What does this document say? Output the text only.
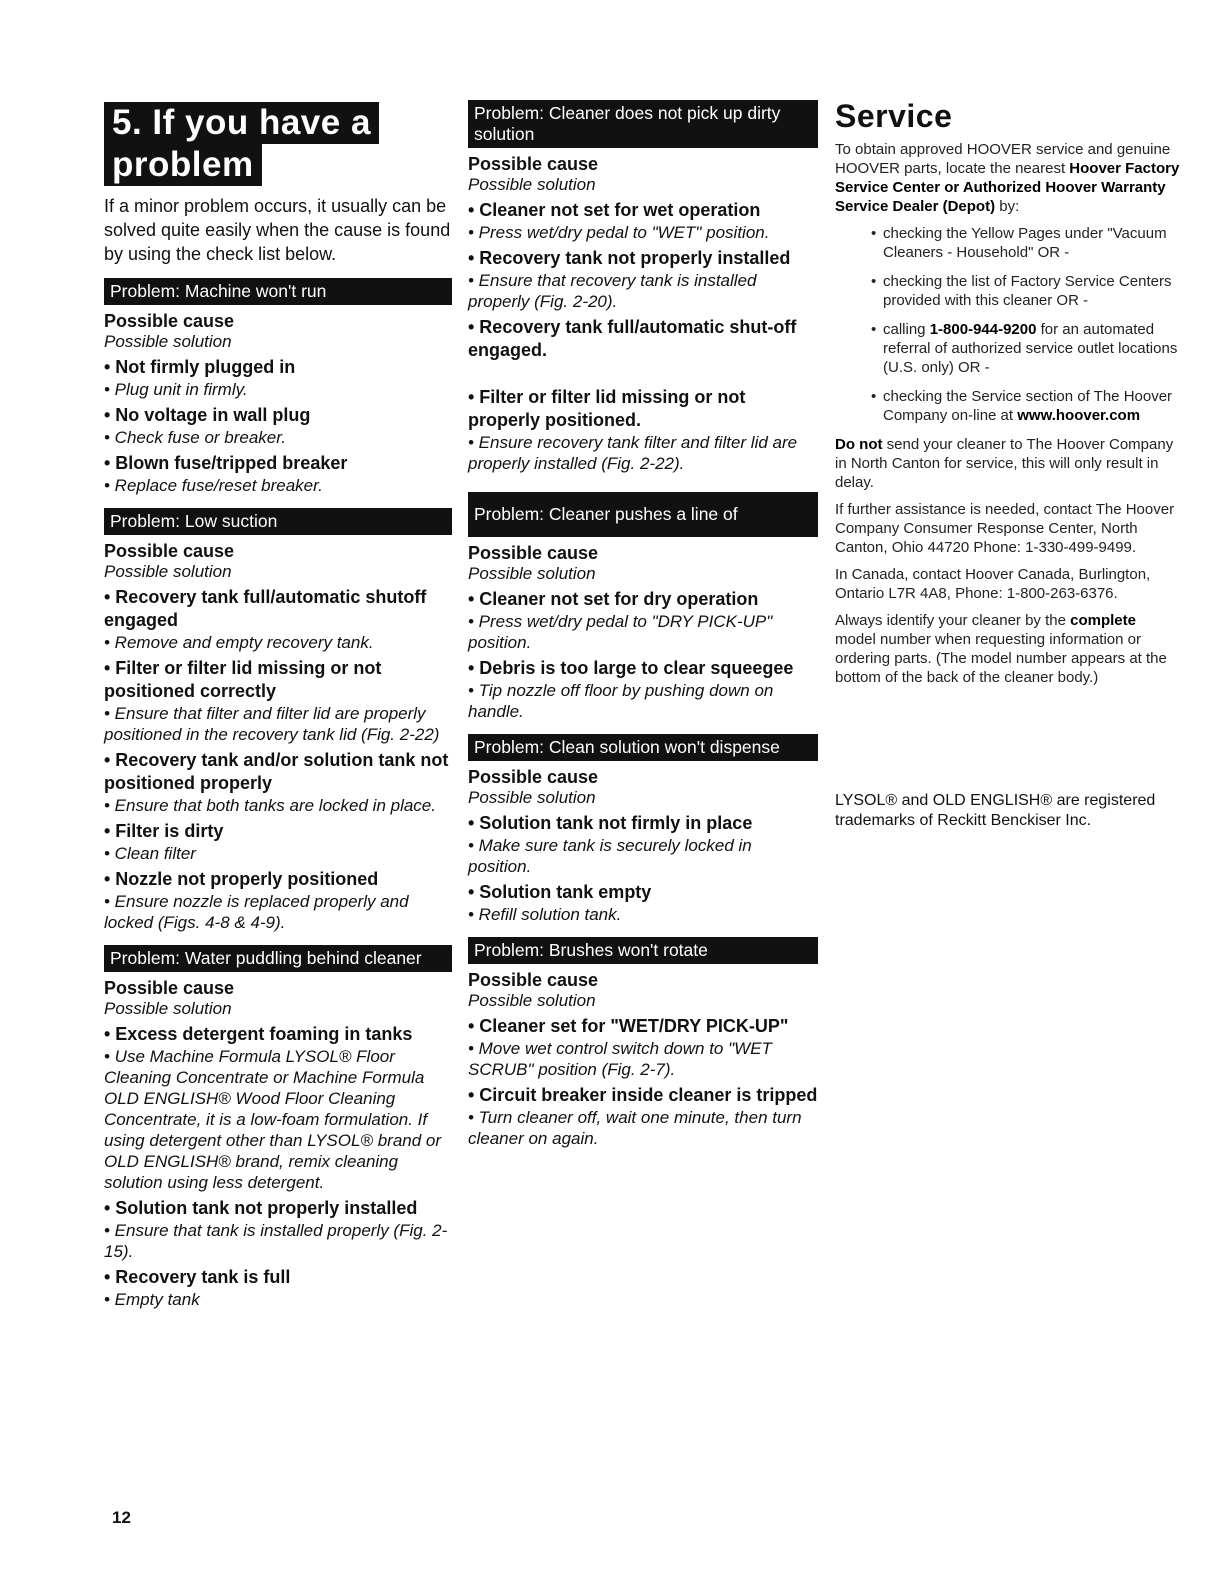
5. If you have a
problem

If a minor problem occurs, it usually can be solved quite easily when the cause is found by using the check list below.

Problem: Machine won't run

Possible cause

Possible solution

• Not firmly plugged in

• Plug unit in firmly.

• No voltage in wall plug

• Check fuse or breaker.

• Blown fuse/tripped breaker

• Replace fuse/reset breaker.

Problem: Low suction

Possible cause

Possible solution

• Recovery tank full/automatic shutoff engaged

• Remove and empty recovery tank.

• Filter or filter lid missing or not positioned correctly

• Ensure that filter and filter lid are properly positioned in the recovery tank lid (Fig. 2-22)

• Recovery tank and/or solution tank not positioned properly

• Ensure that both tanks are locked in place.

• Filter is dirty

• Clean filter

• Nozzle not properly positioned

• Ensure nozzle is replaced properly and locked (Figs. 4-8 & 4-9).

Problem: Water puddling behind cleaner

Possible cause

Possible solution

• Excess detergent foaming in tanks

• Use Machine Formula LYSOL® Floor Cleaning Concentrate or Machine Formula OLD ENGLISH® Wood Floor Cleaning Concentrate, it is a low-foam formulation. If using detergent other than LYSOL® brand or OLD ENGLISH® brand, remix cleaning solution using less detergent.

• Solution tank not properly installed

• Ensure that tank is installed properly (Fig. 2-15).

• Recovery tank is full

• Empty tank

Problem: Cleaner does not pick up dirty solution

Possible cause

Possible solution

• Cleaner not set for wet operation

• Press wet/dry pedal to "WET" position.

• Recovery tank not properly installed

• Ensure that recovery tank is installed properly (Fig. 2-20).

• Recovery tank full/automatic shut-off engaged.

• Filter or filter lid missing or not properly positioned.

• Ensure recovery tank filter and filter lid are properly installed (Fig. 2-22).

Problem: Cleaner pushes a line of

Possible cause

Possible solution

• Cleaner not set for dry operation

• Press wet/dry pedal to "DRY PICK-UP" position.

• Debris is too large to clear squeegee

• Tip nozzle off floor by pushing down on handle.

Problem: Clean solution won't dispense

Possible cause

Possible solution

• Solution tank not firmly in place

• Make sure tank is securely locked in position.

• Solution tank empty

• Refill solution tank.

Problem: Brushes won't rotate

Possible cause

Possible solution

• Cleaner set for "WET/DRY PICK-UP"

• Move wet control switch down to "WET SCRUB" position (Fig. 2-7).

• Circuit breaker inside cleaner is tripped

• Turn cleaner off, wait one minute, then turn cleaner on again.

Service

To obtain approved HOOVER service and genuine HOOVER parts, locate the nearest Hoover Factory Service Center or Authorized Hoover Warranty Service Dealer (Depot) by:

• checking the Yellow Pages under "Vacuum Cleaners - Household" OR -

• checking the list of Factory Service Centers provided with this cleaner OR -

• calling 1-800-944-9200 for an automated referral of authorized service outlet locations (U.S. only) OR -

• checking the Service section of The Hoover Company on-line at www.hoover.com

Do not send your cleaner to The Hoover Company in North Canton for service, this will only result in delay.

If further assistance is needed, contact The Hoover Company Consumer Response Center, North Canton, Ohio 44720 Phone: 1-330-499-9499.

In Canada, contact Hoover Canada, Burlington, Ontario L7R 4A8, Phone: 1-800-263-6376.

Always identify your cleaner by the complete model number when requesting information or ordering parts. (The model number appears at the bottom of the back of the cleaner body.)

LYSOL® and OLD ENGLISH® are registered trademarks of Reckitt Benckiser Inc.

12
